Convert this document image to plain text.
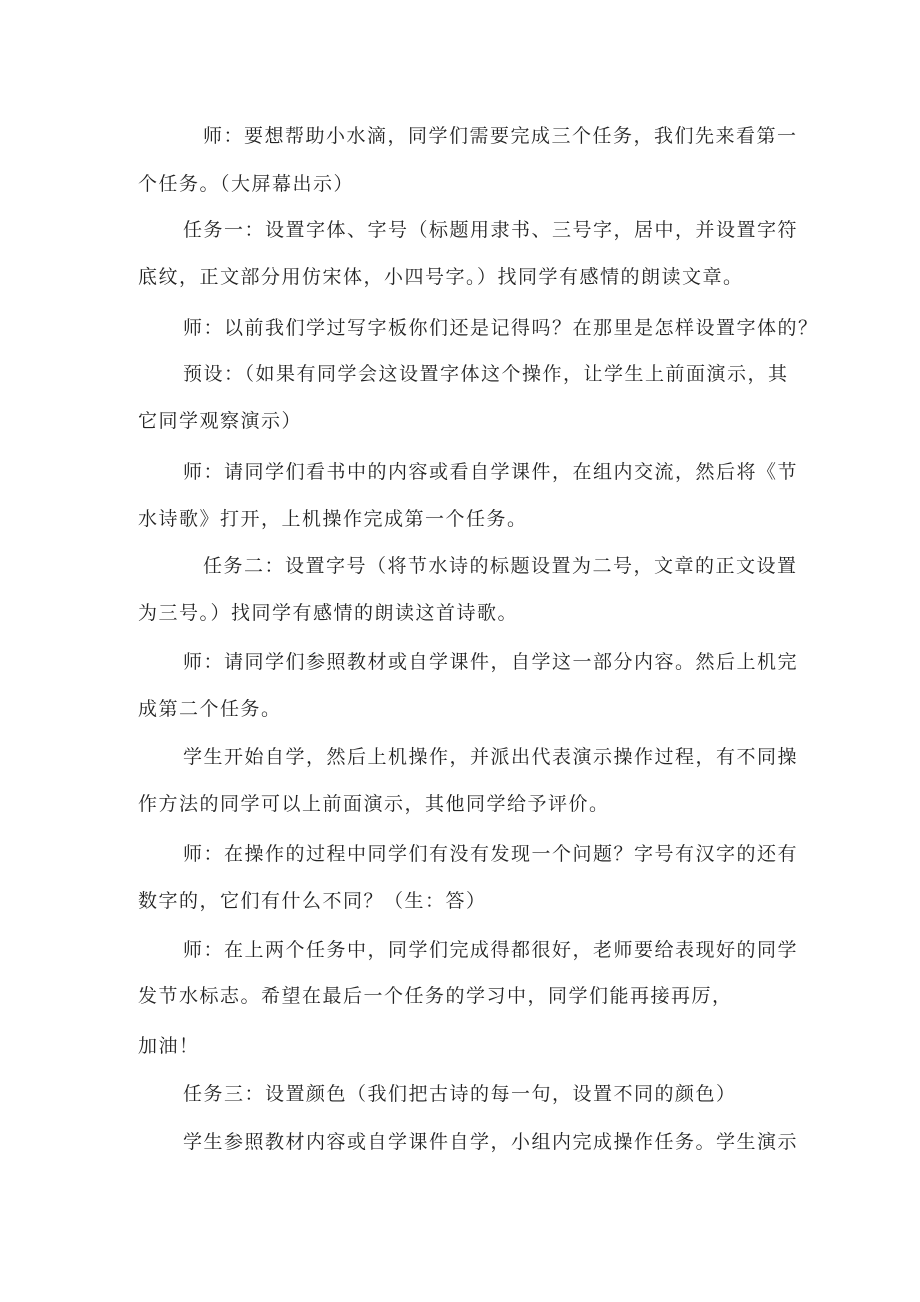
师：要想帮助小水滴，同学们需要完成三个任务，我们先来看第一
个任务。（大屏幕出示）
任务一：设置字体、字号（标题用隶书、三号字，居中，并设置字符
底纹，正文部分用仿宋体，小四号字。）找同学有感情的朗读文章。
师：以前我们学过写字板你们还是记得吗？在那里是怎样设置字体的？
预设：（如果有同学会这设置字体这个操作，让学生上前面演示，其
它同学观察演示）
师：请同学们看书中的内容或看自学课件，在组内交流，然后将《节
水诗歌》打开，上机操作完成第一个任务。
任务二：设置字号（将节水诗的标题设置为二号，文章的正文设置
为三号。）找同学有感情的朗读这首诗歌。
师：请同学们参照教材或自学课件，自学这一部分内容。然后上机完
成第二个任务。
学生开始自学，然后上机操作，并派出代表演示操作过程，有不同操
作方法的同学可以上前面演示，其他同学给予评价。
师：在操作的过程中同学们有没有发现一个问题？字号有汉字的还有
数字的，它们有什么不同？（生：答）
师：在上两个任务中，同学们完成得都很好，老师要给表现好的同学
发节水标志。希望在最后一个任务的学习中，同学们能再接再厉，
加油！
任务三：设置颜色（我们把古诗的每一句，设置不同的颜色）
学生参照教材内容或自学课件自学，小组内完成操作任务。学生演示
